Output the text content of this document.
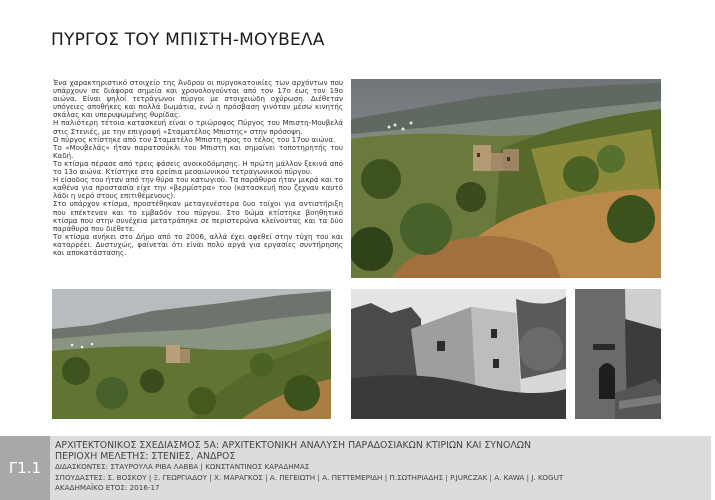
ΠΥΡΓΟΣ ΤΟΥ ΜΠΙΣΤΗ-ΜΟΥΒΕΛΑ

Ένα χαρακτηριστικό στοιχείο της Άνδρου οι πυργοκατοικίες των αρχόντων που υπάρχουν σε διάφορα σημεία και χρονολογούνται από τον 17ο έως τον 19ο αιώνα. Είναι ψηλοί τετράγωνοι πύργοι με στοιχειώδη οχύρωση. Διέθεταν υπόγειες αποθήκες και πολλά δωμάτια, ενώ η πρόσβαση γινόταν μέσω κινητής σκάλας και υπερυψωμένης θυρίδας.

Η παλιότερη τέτοια κατασκευή είναι ο τριώροφος Πύργος του Μπιστη-Μουβελά στις Στενιές, με την επιγραφή «Σταματέλος Μπιστης» στην πρόσοψη.

Ο πύργος κτίστηκε από τον Σταματέλο Μπιστη προς το τέλος του 17ου αιώνα.

Το «Μουβελάς» ήταν παρατσούκλι του Μπιστη και σημαίνει τοποτηρητής του Καδή.

Το κτίσμα πέρασε από τρεις φάσεις ανοικοδόμησης. Η πρώτη μάλλον ξεκινά από το 13ο αιώνα. Κτίστηκε στα ερείπια μεσαιωνικού τετραγωνικού πύργου.

Η είσοδος του ήταν από την θύρα του κατωγιού. Τα παράθυρα ήταν μικρά και το καθένα για προστασία είχε την «βερμίστρα» του (κατασκευή που ζεχναν καυτό λάδι η νερό στους επιτιθέμενους).

Στο υπάρχον κτίσμα, προστέθηκαν μεταγενέστερα δυο τοίχοι για αντιστήριξη που επέκτεναν και το εμβαδόν του πύργου. Στο δώμα κτίστηκε βοηθητικό κτίσμα που στην συνέχεια μετατράπηκε σε περιστερώνα κλείνοντας και τα δύο παράθυρα που διέθετε.

Το κτίσμα ανήκει στο Δήμο από το 2006, αλλά έχει αφεθεί στην τύχη του και καταρρέει. Δυστυχώς, φαίνεται ότι είναι πολύ αργά για εργασίες συντήρησης και αποκατάστασης.

Γ1.1
ΑΡΧΙΤΕΚΤΟΝΙΚΟΣ ΣΧΕΔΙΑΣΜΟΣ 5Α: ΑΡΧΙΤΕΚΤΟΝΙΚΗ ΑΝΑΛΥΣΗ ΠΑΡΑΔΟΣΙΑΚΩΝ ΚΤΙΡΙΩΝ ΚΑΙ ΣΥΝΟΛΩΝ
ΠΕΡΙΟΧΗ ΜΕΛΕΤΗΣ: ΣΤΕΝΙΕΣ, ΑΝΔΡΟΣ
ΔΙΔΑΣΚΟΝΤΕΣ: ΣΤΑΥΡΟΥΛΑ ΡΙΒΑ ΛΑΒΒΑ | ΚΩΝΣΤΑΝΤΙΝΟΣ ΚΑΡΑΔΗΜΑΣ
ΣΠΟΥΔΑΣΤΕΣ: Σ. ΒΟΣΚΟΥ | Ξ. ΓΕΩΡΓΙΑΔΟΥ | Χ. ΜΑΡΑΓΚΟΣ | Α. ΠΕΓΕΙΩΤΗ | Α. ΠΕΤΤΕΜΕΡΙΔΗ | Π.ΣΩΤΗΡΙΑΔΗΣ | P.JURCZAK | A. KAWA | J. KOGUT
ΑΚΑΔΗΜΑΪΚΟ ΕΤΟΣ: 2016-17
